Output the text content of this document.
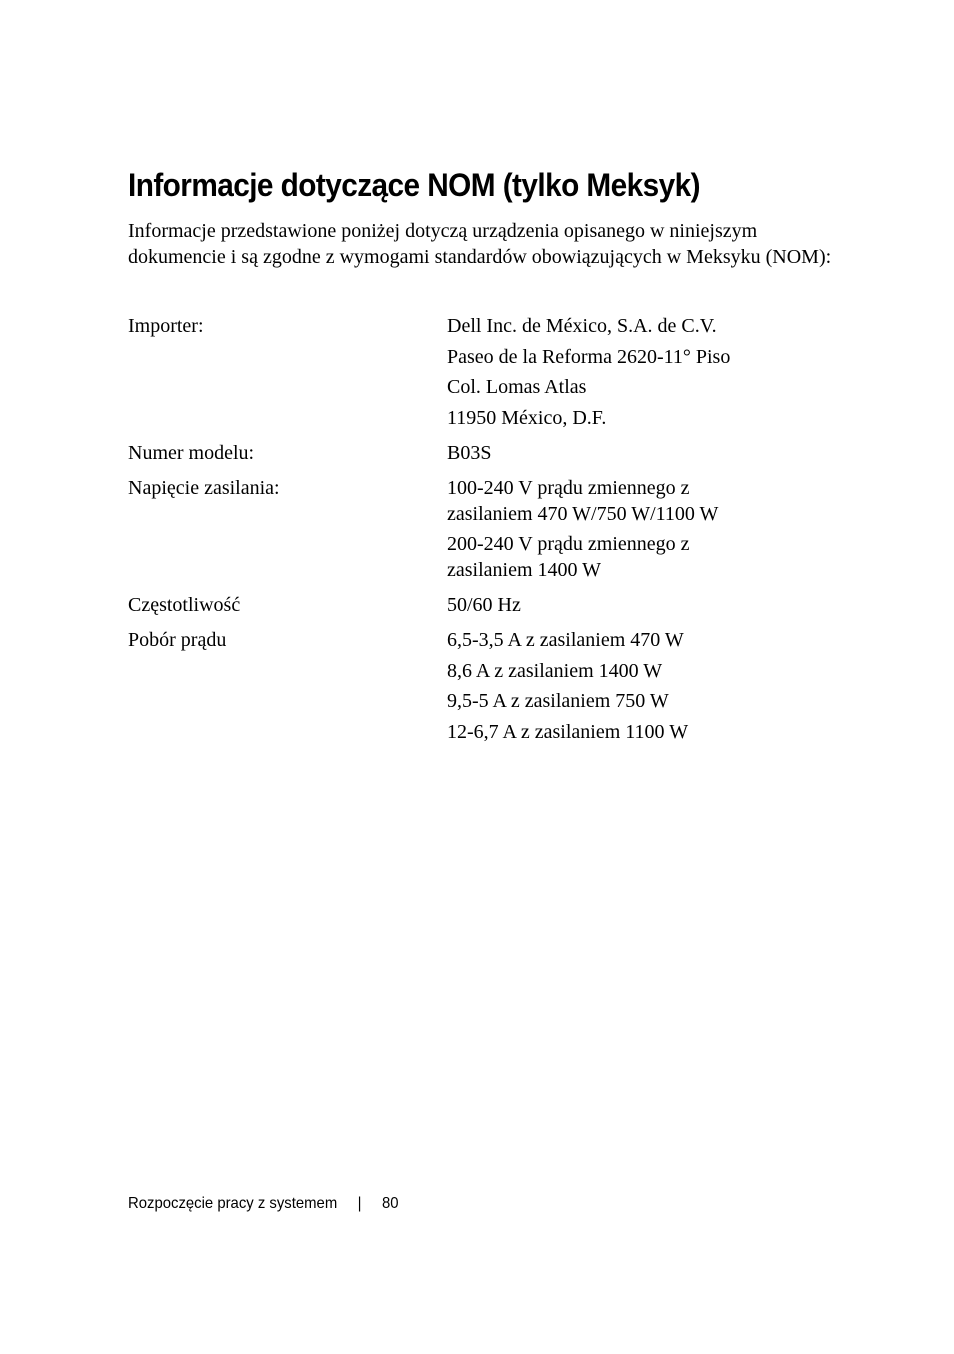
Informacje dotyczące NOM (tylko Meksyk)

Informacje przedstawione poniżej dotyczą urządzenia opisanego w niniejszym dokumencie i są zgodne z wymogami standardów obowiązujących w Meksyku (NOM):

Importer:	Dell Inc. de México, S.A. de C.V.
Paseo de la Reforma 2620-11° Piso
Col. Lomas Atlas
11950 México, D.F.
Numer modelu:	B03S
Napięcie zasilania:	100-240 V prądu zmiennego z
zasilaniem 470 W/750 W/1100 W
200-240 V prądu zmiennego z
zasilaniem 1400 W
Częstotliwość	50/60 Hz
Pobór prądu	6,5-3,5 A z zasilaniem 470 W
8,6 A z zasilaniem 1400 W
9,5-5 A z zasilaniem 750 W
12-6,7 A z zasilaniem 1100 W
Rozpoczęcie pracy z systemem | 80
